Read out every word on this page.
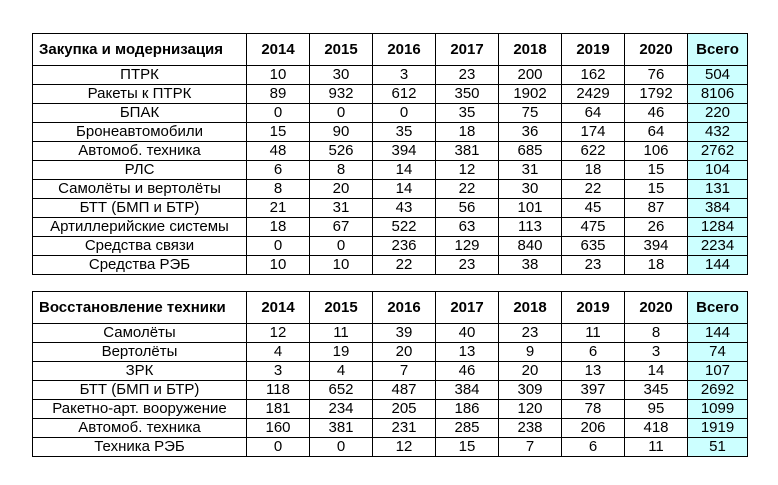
Закупка и модернизация	2014	2015	2016	2017	2018	2019	2020	Всего
ПТРК	10	30	3	23	200	162	76	504
Ракеты к ПТРК	89	932	612	350	1902	2429	1792	8106
БПАК	0	0	0	35	75	64	46	220
Бронеавтомобили	15	90	35	18	36	174	64	432
Автомоб. техника	48	526	394	381	685	622	106	2762
РЛС	6	8	14	12	31	18	15	104
Самолёты и вертолёты	8	20	14	22	30	22	15	131
БТТ (БМП и БТР)	21	31	43	56	101	45	87	384
Артиллерийские системы	18	67	522	63	113	475	26	1284
Средства связи	0	0	236	129	840	635	394	2234
Средства РЭБ	10	10	22	23	38	23	18	144
Восстановление техники	2014	2015	2016	2017	2018	2019	2020	Всего
Самолёты	12	11	39	40	23	11	8	144
Вертолёты	4	19	20	13	9	6	3	74
ЗРК	3	4	7	46	20	13	14	107
БТТ (БМП и БТР)	118	652	487	384	309	397	345	2692
Ракетно-арт. вооружение	181	234	205	186	120	78	95	1099
Автомоб. техника	160	381	231	285	238	206	418	1919
Техника РЭБ	0	0	12	15	7	6	11	51
